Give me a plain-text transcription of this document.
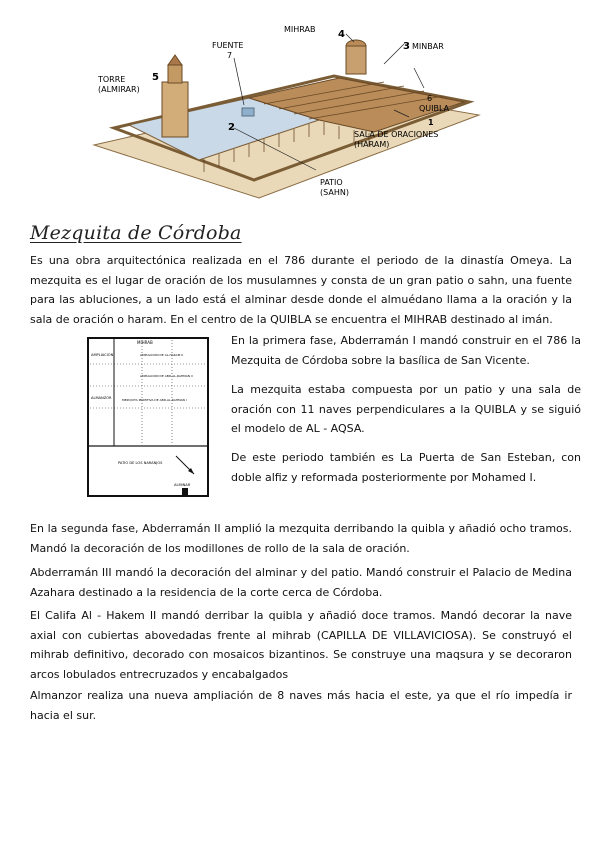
MIHRAB 4
3 MINBAR
FUENTE
7
TORRE
(ALMIRAR)
5
6
QUIBLA
1
SALA DE ORACIONES
(HARAM)
2
PATIO
(SAHN)
Mezquita de Córdoba

Es una obra arquitectónica realizada en el 786 durante el periodo de la dinastía Omeya. La mezquita es el lugar de oración de los musulamnes y consta de un gran patio o sahn, una fuente para las abluciones, a un lado está el alminar desde donde el almuédano llama a la oración y la sala de oración o haram. En el centro de la QUIBLA se encuentra el MIHRAB destinado al imán.

MIHRAB
AMPLIACIÓN
AMPLIACIÓN DE ABD-AL-RAHMAN II
AMPLIACIÓN DE AL-HAKAM II
ALMANZOR	MEZQUITA PRIMITIVA DE ABD-AL-RAHMAN I
PATIO DE LOS NARANJOS
ALMINAR

En la primera fase, Abderramán I mandó construir en el 786 la Mezquita de Córdoba sobre la basílica de San Vicente.

La mezquita estaba compuesta por un patio y una sala de oración con 11 naves perpendiculares a la QUIBLA y se siguió el modelo de AL - AQSA.

De este periodo también es La Puerta de San Esteban, con doble alfiz y reformada posteriormente por Mohamed I.

En la segunda fase, Abderramán II amplió la mezquita derribando la quibla y añadió ocho tramos. Mandó la decoración de los modillones de rollo de la sala de oración.

Abderramán III mandó la decoración del alminar y del patio. Mandó construir el Palacio de Medina Azahara destinado a la residencia de la corte cerca de Córdoba.

El Califa Al - Hakem II mandó derribar la quibla y añadió doce tramos. Mandó decorar la nave axial con cubiertas abovedadas frente al mihrab (CAPILLA DE VILLAVICIOSA). Se construyó el mihrab definitivo, decorado con mosaicos bizantinos. Se construye una maqsura y se decoraron arcos lobulados entrecruzados y encabalgados

Almanzor realiza una nueva ampliación de 8 naves más hacia el este, ya que el río impedía ir hacia el sur.
